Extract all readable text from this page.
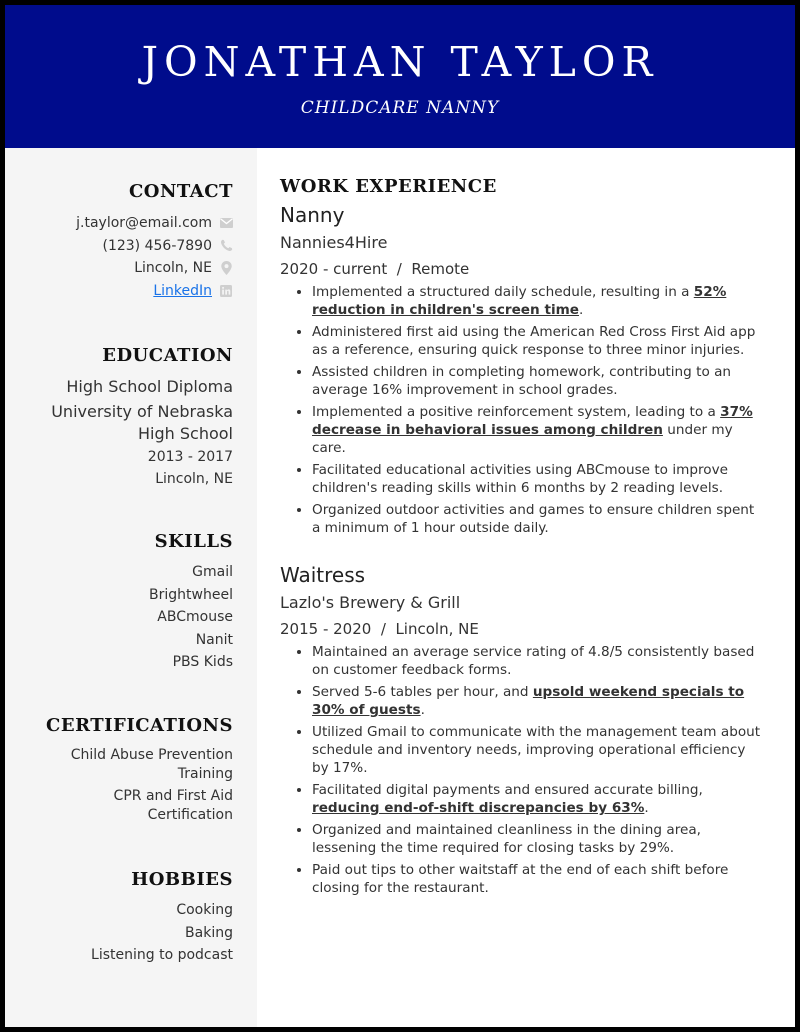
JONATHAN TAYLOR
CHILDCARE NANNY
CONTACT
j.taylor@email.com
(123) 456-7890
Lincoln, NE
LinkedIn
EDUCATION
High School Diploma
University of Nebraska
High School
2013 - 2017
Lincoln, NE
SKILLS
Gmail
Brightwheel
ABCmouse
Nanit
PBS Kids
CERTIFICATIONS
Child Abuse Prevention
Training
CPR and First Aid
Certification
HOBBIES
Cooking
Baking
Listening to podcast
WORK EXPERIENCE
Nanny
Nannies4Hire
2020 - current / Remote
• Implemented a structured daily schedule, resulting in a 52% reduction in children's screen time.
• Administered first aid using the American Red Cross First Aid app as a reference, ensuring quick response to three minor injuries.
• Assisted children in completing homework, contributing to an average 16% improvement in school grades.
• Implemented a positive reinforcement system, leading to a 37% decrease in behavioral issues among children under my care.
• Facilitated educational activities using ABCmouse to improve children's reading skills within 6 months by 2 reading levels.
• Organized outdoor activities and games to ensure children spent a minimum of 1 hour outside daily.
Waitress
Lazlo's Brewery & Grill
2015 - 2020 / Lincoln, NE
• Maintained an average service rating of 4.8/5 consistently based on customer feedback forms.
• Served 5-6 tables per hour, and upsold weekend specials to 30% of guests.
• Utilized Gmail to communicate with the management team about schedule and inventory needs, improving operational efficiency by 17%.
• Facilitated digital payments and ensured accurate billing, reducing end-of-shift discrepancies by 63%.
• Organized and maintained cleanliness in the dining area, lessening the time required for closing tasks by 29%.
• Paid out tips to other waitstaff at the end of each shift before closing for the restaurant.
